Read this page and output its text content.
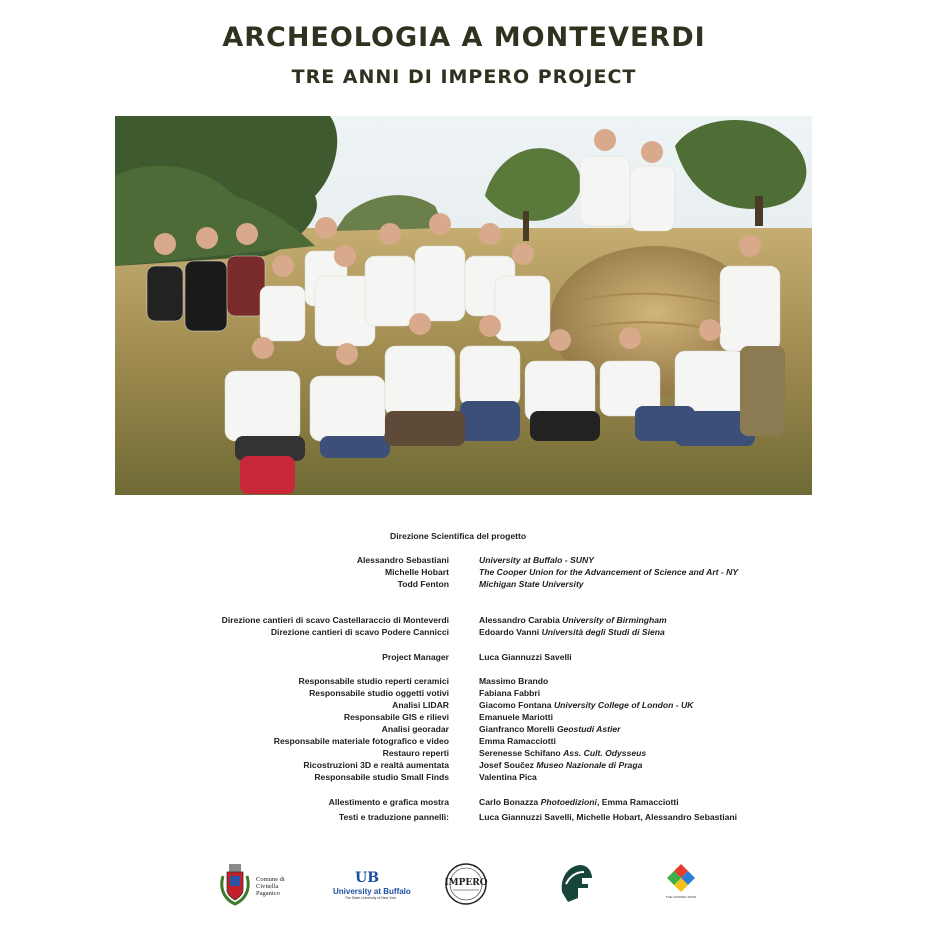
ARCHEOLOGIA A MONTEVERDI
TRE ANNI DI IMPERO PROJECT
Direzione Scientifica del progetto
Alessandro Sebastiani	University at Buffalo - SUNY
Michelle Hobart	The Cooper Union for the Advancement of Science and Art - NY
Todd Fenton	Michigan State University
Direzione cantieri di scavo Castellaraccio di Monteverdi	Alessandro Carabia University of Birmingham
Direzione cantieri di scavo Podere Cannicci	Edoardo Vanni Università degli Studi di Siena
Project Manager	Luca Giannuzzi Savelli
Responsabile studio reperti ceramici	Massimo Brando
Responsabile studio oggetti votivi	Fabiana Fabbri
Analisi LIDAR	Giacomo Fontana University College of London - UK
Responsabile GIS e rilievi	Emanuele Mariotti
Analisi georadar	Gianfranco Morelli Geostudi Astier
Responsabile materiale fotografico e video	Emma Ramacciotti
Restauro reperti	Serenesse Schifano Ass. Cult. Odysseus
Ricostruzioni 3D e realtà aumentata	Josef Součez Museo Nazionale di Praga
Responsabile studio Small Finds	Valentina Pica
Allestimento e grafica mostra	Carlo Bonazza Photoedizioni, Emma Ramacciotti
Testi e traduzione pannelli:	Luca Giannuzzi Savelli, Michelle Hobart, Alessandro Sebastiani
Comune di Civitella Paganico
UB
University at Buffalo
The State University of New York
IMPERO
THE COOPER UNION
